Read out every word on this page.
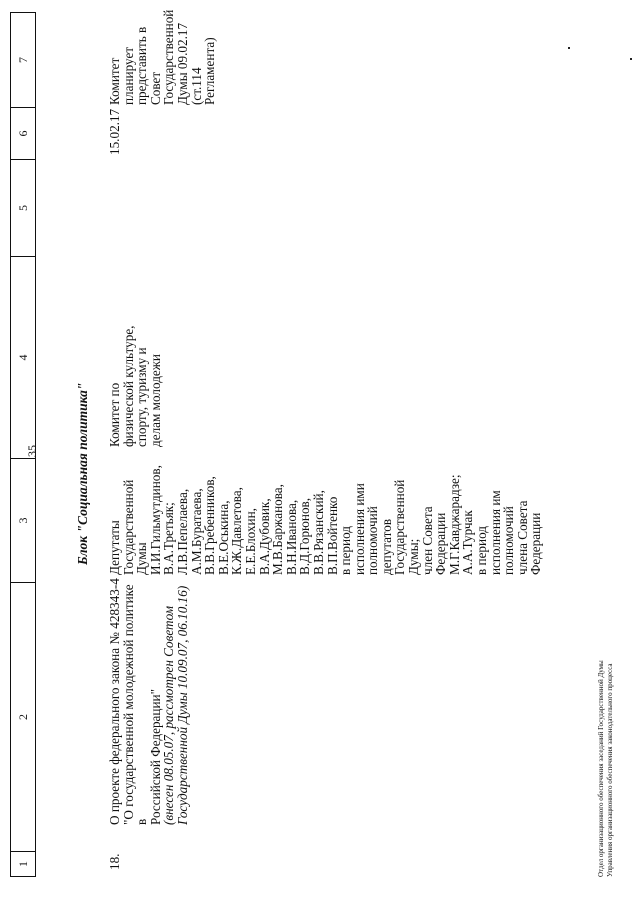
35
1
2
3
4
5
6
7
Блок "Социальная политика"
18.
О проекте федерального закона № 428343-4
"О государственной молодежной политике в
Российской Федерации"
(внесен 08.05.07, рассмотрен Советом
Государственной Думы 10.09.07, 06.10.16)
Депутаты
Государственной
Думы
И.И.Гильмутдинов,
В.А.Третьяк;
Л.В.Пепелаева,
А.М.Буратаева,
В.В.Гребенников,
В.Е.Оськина,
К.Ж.Давлетова,
Е.Е.Блохин,
В.А.Дубовик,
М.В.Баржанова,
В.Н.Иванова,
В.Д.Горюнов,
В.В.Рязанский,
В.П.Войтенко
в период
исполнения ими
полномочий
депутатов
Государственной
Думы;
член Совета
Федерации
М.Г.Кавджарадзе;
А.А.Турчак
в период
исполнения им
полномочий
члена Совета
Федерации
Комитет по
физической культуре,
спорту, туризму и
делам молодежи
15.02.17
Комитет планирует
представить в Совет
Государственной
Думы 09.02.17
(ст.114 Регламента)
Отдел организационного обеспечения заседаний Государственной Думы Управления организационного обеспечения законодательного процесса
